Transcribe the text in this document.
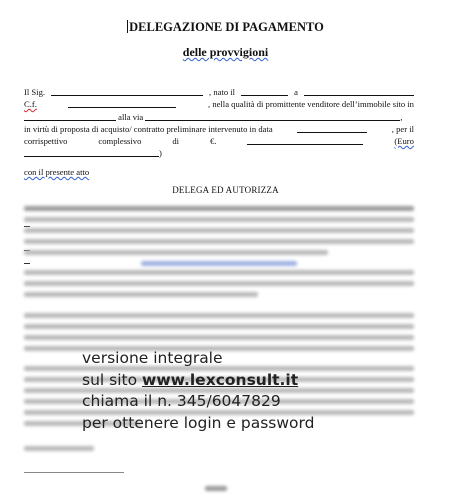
DELEGAZIONE DI PAGAMENTO
delle provvigioni
Il Sig.	, nato il	a
C.f.	, nella qualità di promittente venditore dell’immobile sito in
alla via	,
in virtù di proposta di acquisto/ contratto preliminare intervenuto in data	, per il
corrispettivo	complessivo	di	€.	(Euro
)
con il presente atto
DELEGA ED AUTORIZZA
versione integrale
sul sito www.lexconsult.it
chiama il n. 345/6047829
per ottenere login e password
